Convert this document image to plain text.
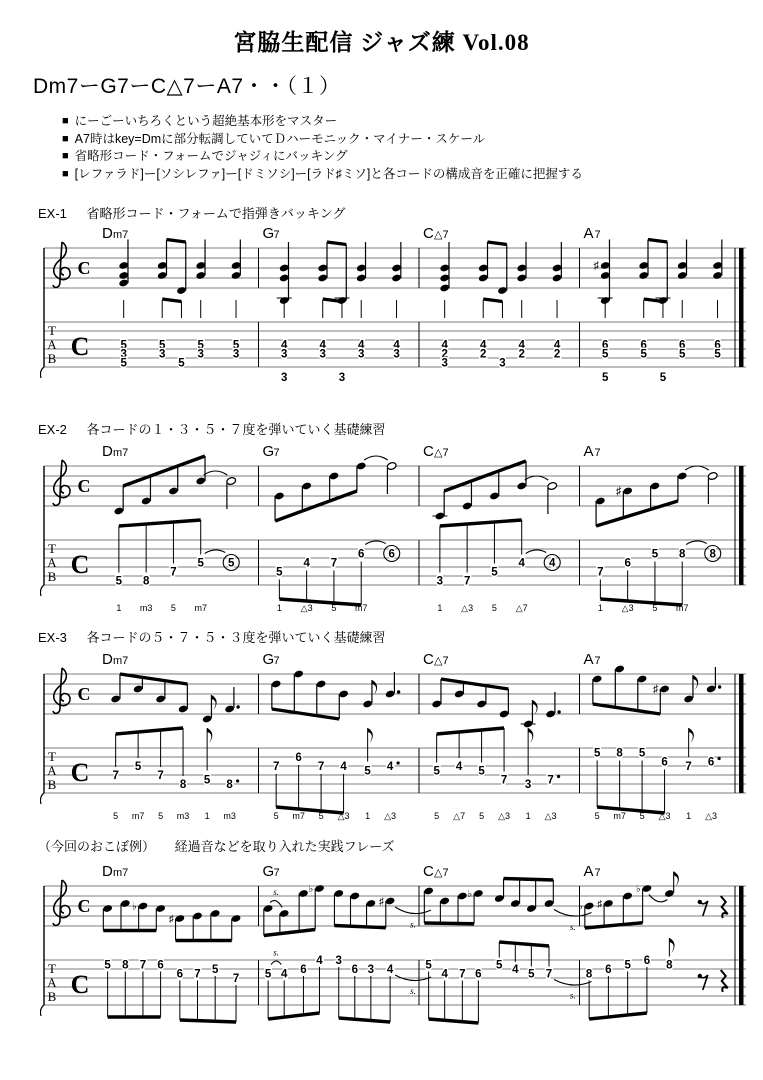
宮脇生配信 ジャズ練 Vol.08
Dm7ーG7ーC△7ーA7・・（１）
■ にーごーいちろくという超絶基本形をマスター
■ A7時はkey=Dmに部分転調していてＤハーモニック・マイナー・スケール
■ 省略形コード・フォームでジャジィにバッキング
■ [レファラド]ー[ソシレファ]ー[ドミソシ]ー[ラド♯ミソ]と各コードの構成音を正確に把握する
EX-1 省略形コード・フォームで指弾きバッキング
C
C
T
A
B
D m7
5
3
5
5
3
5
3
5
3
5
G 7
4
3
3
4
3
4
3
4
3
3
C △7
4
2
3
4
2
4
2
4
2
3
A 7
♯
6
5
5
6
5
6
5
6
5
5
EX-2 各コードの１・３・５・７度を弾いていく基礎練習
C
C
T
A
B
D m7
5 8
7
5 5
1 m3 5 m7
G 7
5
4 7
6 6
1 △3 5 m7
C △7
3 7
5
4 4
1 △3 5 △7
A 7
♯
7
6
5 8 8
1 △3 5 m7
EX-3 各コードの５・７・５・３度を弾いていく基礎練習
C
C
T
A
B
D m7
7
5
7
8 5 8
5 m7 5 m3 1 m3
G 7
7
6
7 4 5 4
5 m7 5 △3 1 △3
C △7
5 4 5
7 3 7
5 △7 5 △3 1 △3
A 7
♯
5 8 5
6 7 6
5 m7 5 △3 1 △3
（今回のおこぼ例） 経過音などを取り入れた実践フレーズ
C
C
T
A
B
D m7
♭
♯
5 8 7 6
6 7 5
7
G 7
♭
♯
s.
s.
5 4 6
4 3
6 3 4
s.
s.
C △7
♭
s.
5
4 7 6
5 4 5 7
s.
A 7
♭ ♯
♭
8 6 5 6 8
